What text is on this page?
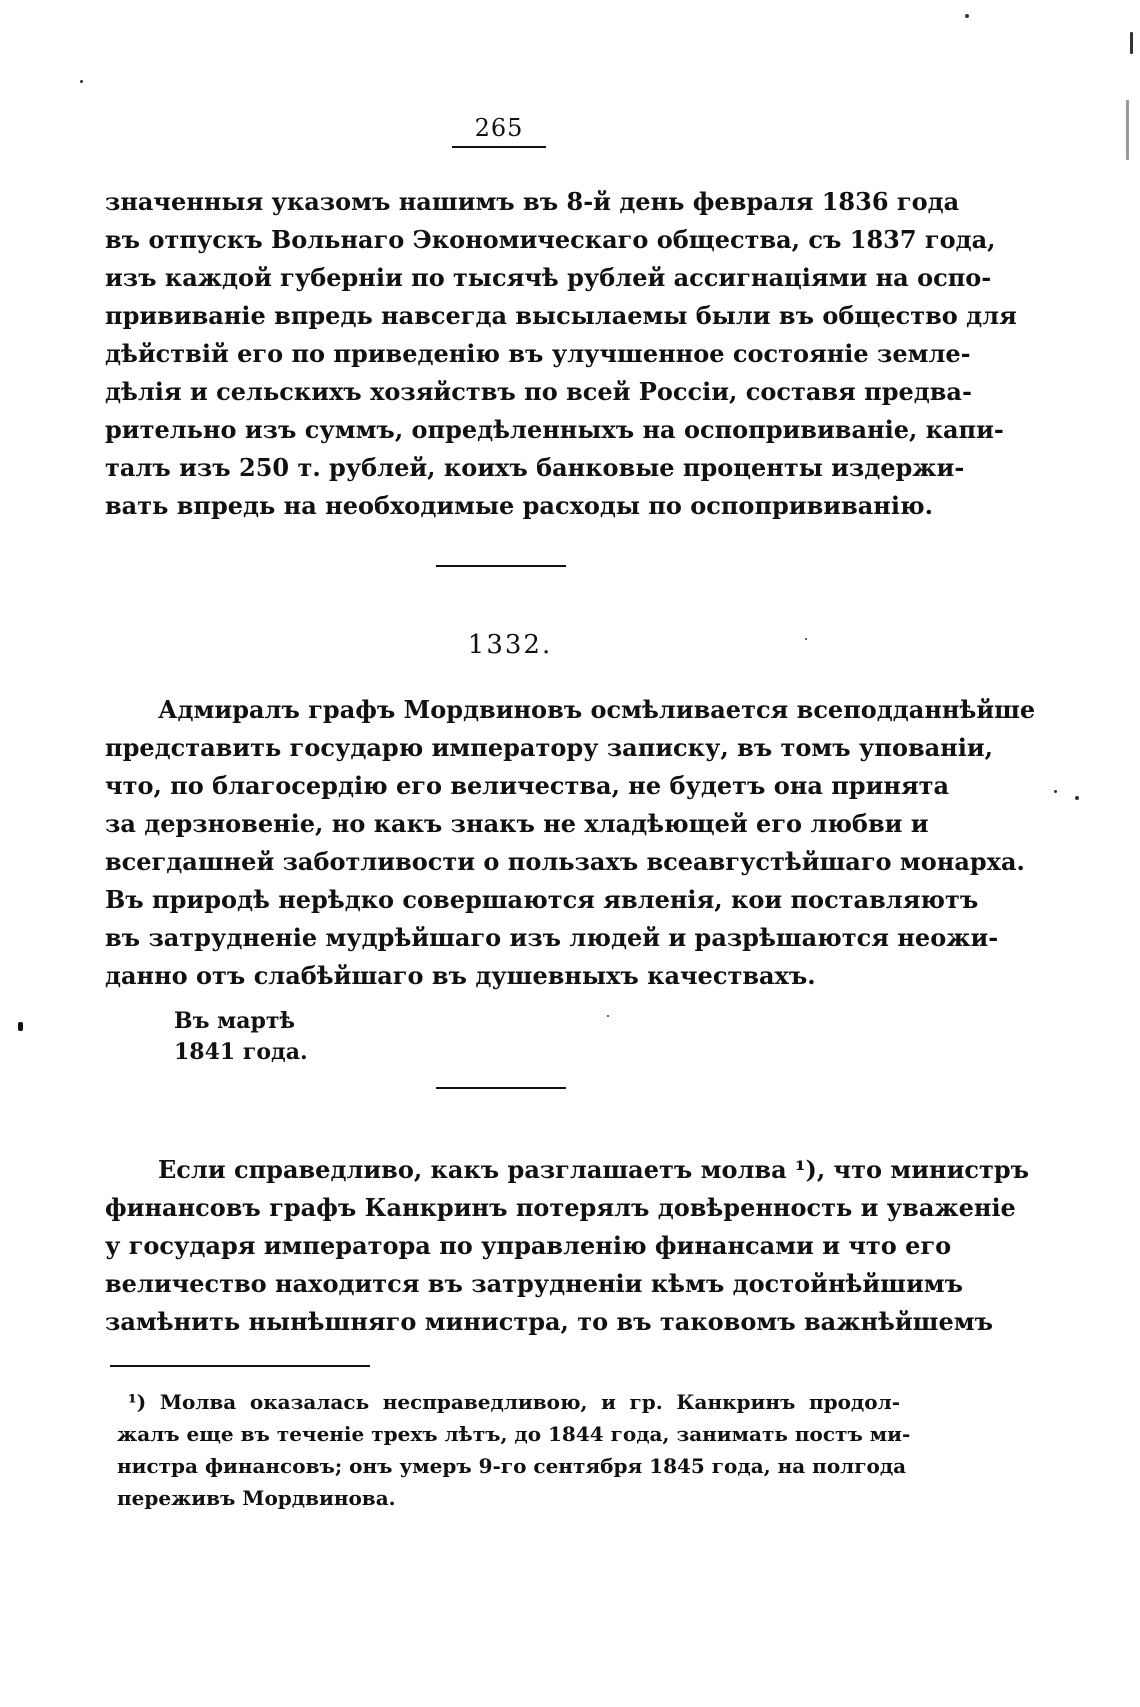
265
значенныя указомъ нашимъ въ 8-й день февраля 1836 года
въ отпускъ Вольнаго Экономическаго общества, съ 1837 года,
изъ каждой губерніи по тысячѣ рублей ассигнаціями на оспо-
прививаніе впредь навсегда высылаемы были въ общество для
дѣйствій его по приведенію въ улучшенное состояніе земле-
дѣлія и сельскихъ хозяйствъ по всей Россіи, составя предва-
рительно изъ суммъ, опредѣленныхъ на оспопрививаніе, капи-
талъ изъ 250 т. рублей, коихъ банковые проценты издержи-
вать впредь на необходимые расходы по оспопрививанію.
1332.
Адмиралъ графъ Мордвиновъ осмѣливается всеподданнѣйше
представить государю императору записку, въ томъ упованіи,
что, по благосердію его величества, не будетъ она принята
за дерзновеніе, но какъ знакъ не хладѣющей его любви и
всегдашней заботливости о пользахъ всеавгустѣйшаго монарха.
Въ природѣ нерѣдко совершаются явленія, кои поставляютъ
въ затрудненіе мудрѣйшаго изъ людей и разрѣшаются неожи-
данно отъ слабѣйшаго въ душевныхъ качествахъ.
Въ мартѣ
1841 года.
Если справедливо, какъ разглашаетъ молва ¹), что министръ
финансовъ графъ Канкринъ потерялъ довѣренность и уваженіе
у государя императора по управленію финансами и что его
величество находится въ затрудненіи кѣмъ достойнѣйшимъ
замѣнить нынѣшняго министра, то въ таковомъ важнѣйшемъ
¹) Молва оказалась несправедливою, и гр. Канкринъ продол-
жалъ еще въ теченіе трехъ лѣтъ, до 1844 года, занимать постъ ми-
нистра финансовъ; онъ умеръ 9-го сентября 1845 года, на полгода
переживъ Мордвинова.
